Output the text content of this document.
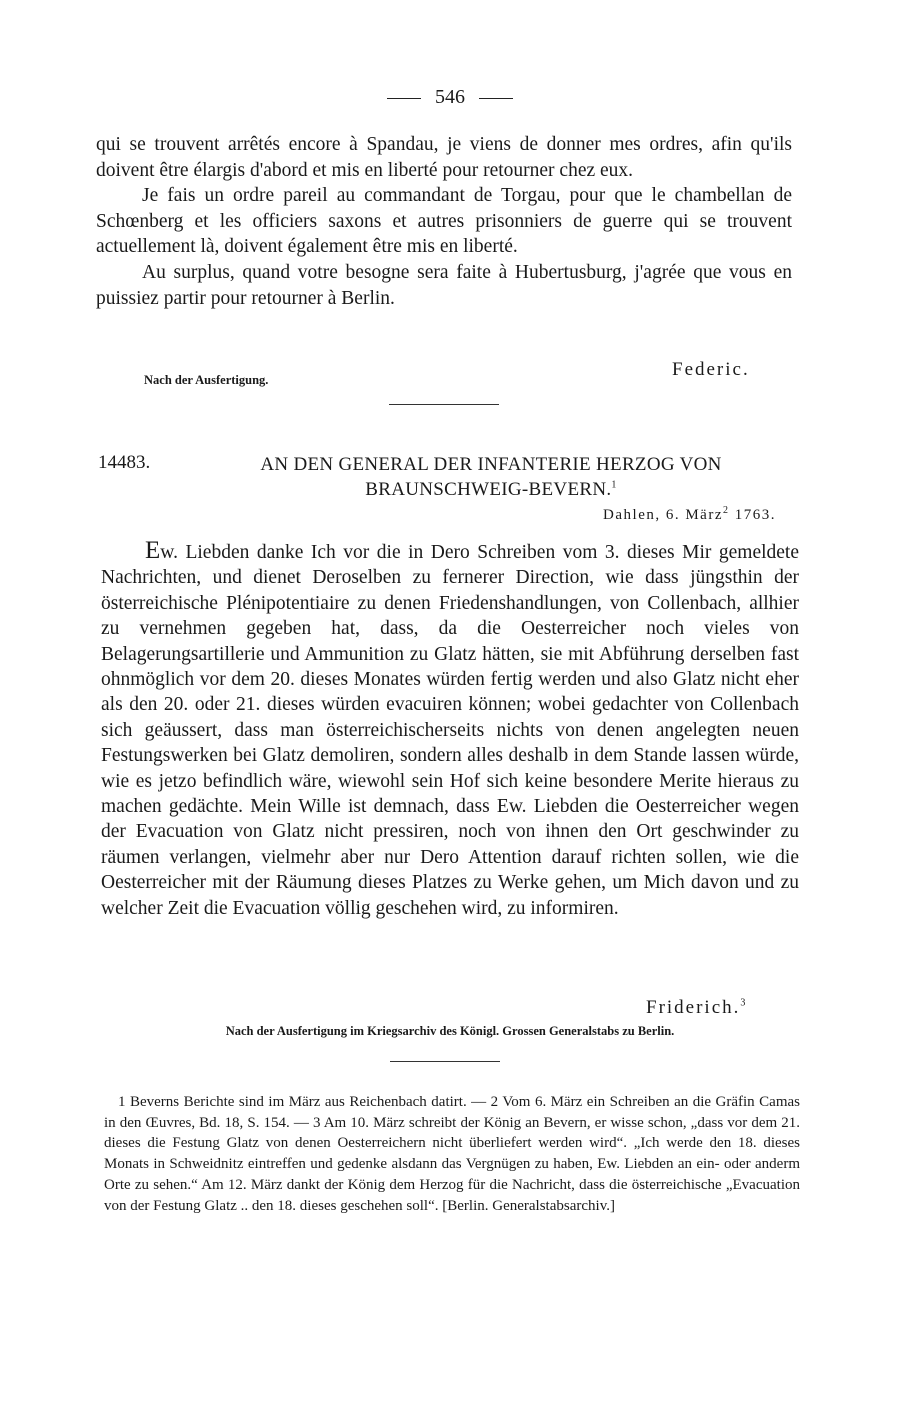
546

qui se trouvent arrêtés encore à Spandau, je viens de donner mes ordres, afin qu'ils doivent être élargis d'abord et mis en liberté pour retourner chez eux.

Je fais un ordre pareil au commandant de Torgau, pour que le chambellan de Schœnberg et les officiers saxons et autres prisonniers de guerre qui se trouvent actuellement là, doivent également être mis en liberté.

Au surplus, quand votre besogne sera faite à Hubertusburg, j'agrée que vous en puissiez partir pour retourner à Berlin.

Nach der Ausfertigung.	Federic.
14483.	AN DEN GENERAL DER INFANTERIE HERZOG VON BRAUNSCHWEIG-BEVERN.$^1$
Dahlen, 6. März$^2$ 1763.

Ew. Liebden danke Ich vor die in Dero Schreiben vom 3. dieses Mir gemeldete Nachrichten, und dienet Deroselben zu fernerer Direction, wie dass jüngsthin der österreichische Plénipotentiaire zu denen Friedenshandlungen, von Collenbach, allhier zu vernehmen gegeben hat, dass, da die Oesterreicher noch vieles von Belagerungsartillerie und Ammunition zu Glatz hätten, sie mit Abführung derselben fast ohnmöglich vor dem 20. dieses Monates würden fertig werden und also Glatz nicht eher als den 20. oder 21. dieses würden evacuiren können; wobei gedachter von Collenbach sich geäussert, dass man österreichischerseits nichts von denen angelegten neuen Festungswerken bei Glatz demoliren, sondern alles deshalb in dem Stande lassen würde, wie es jetzo befindlich wäre, wiewohl sein Hof sich keine besondere Merite hieraus zu machen gedächte. Mein Wille ist demnach, dass Ew. Liebden die Oesterreicher wegen der Evacuation von Glatz nicht pressiren, noch von ihnen den Ort geschwinder zu räumen verlangen, vielmehr aber nur Dero Attention darauf richten sollen, wie die Oesterreicher mit der Räumung dieses Platzes zu Werke gehen, um Mich davon und zu welcher Zeit die Evacuation völlig geschehen wird, zu informiren.

Friderich.$^3$
Nach der Ausfertigung im Kriegsarchiv des Königl. Grossen Generalstabs zu Berlin.

1 Beverns Berichte sind im März aus Reichenbach datirt. — 2 Vom 6. März ein Schreiben an die Gräfin Camas in den Œuvres, Bd. 18, S. 154. — 3 Am 10. März schreibt der König an Bevern, er wisse schon, „dass vor dem 21. dieses die Festung Glatz von denen Oesterreichern nicht überliefert werden wird“. „Ich werde den 18. dieses Monats in Schweidnitz eintreffen und gedenke alsdann das Vergnügen zu haben, Ew. Liebden an ein- oder anderm Orte zu sehen.“ Am 12. März dankt der König dem Herzog für die Nachricht, dass die österreichische „Evacuation von der Festung Glatz .. den 18. dieses geschehen soll“. [Berlin. Generalstabsarchiv.]
